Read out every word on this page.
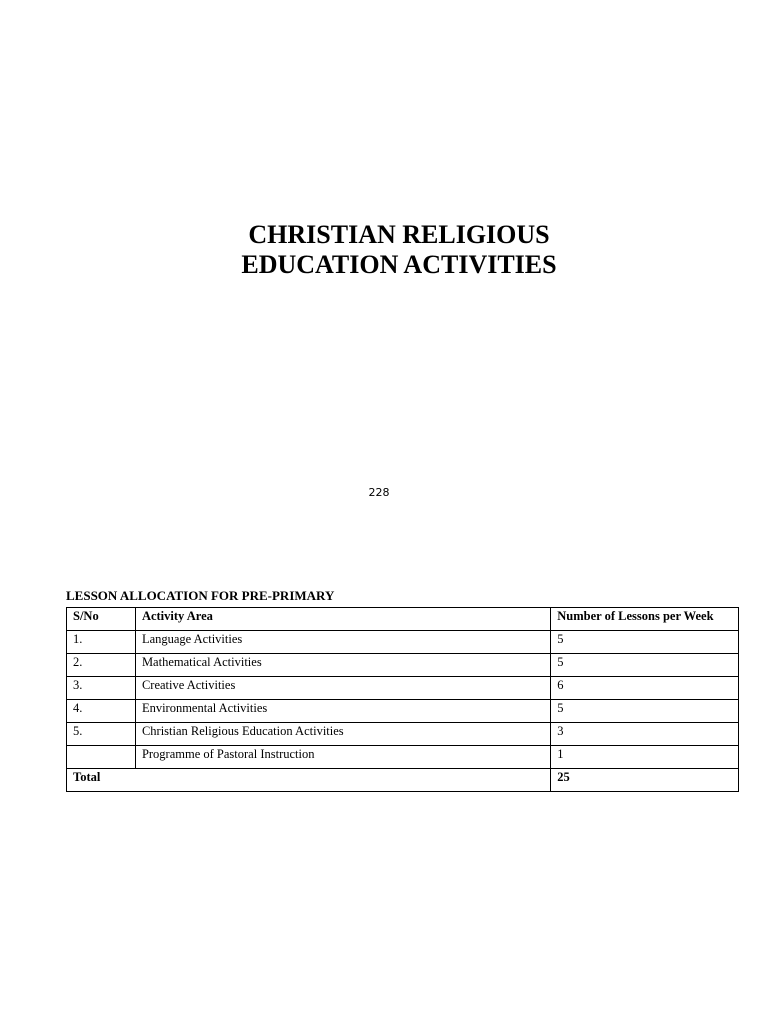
CHRISTIAN RELIGIOUS
EDUCATION ACTIVITIES
228
LESSON ALLOCATION FOR PRE-PRIMARY
S/No	Activity Area	Number of Lessons per Week
1.	Language Activities	5
2.	Mathematical Activities	5
3.	Creative Activities	6
4.	Environmental Activities	5
5.	Christian Religious Education Activities	3
	Programme of Pastoral Instruction	1
Total		25
